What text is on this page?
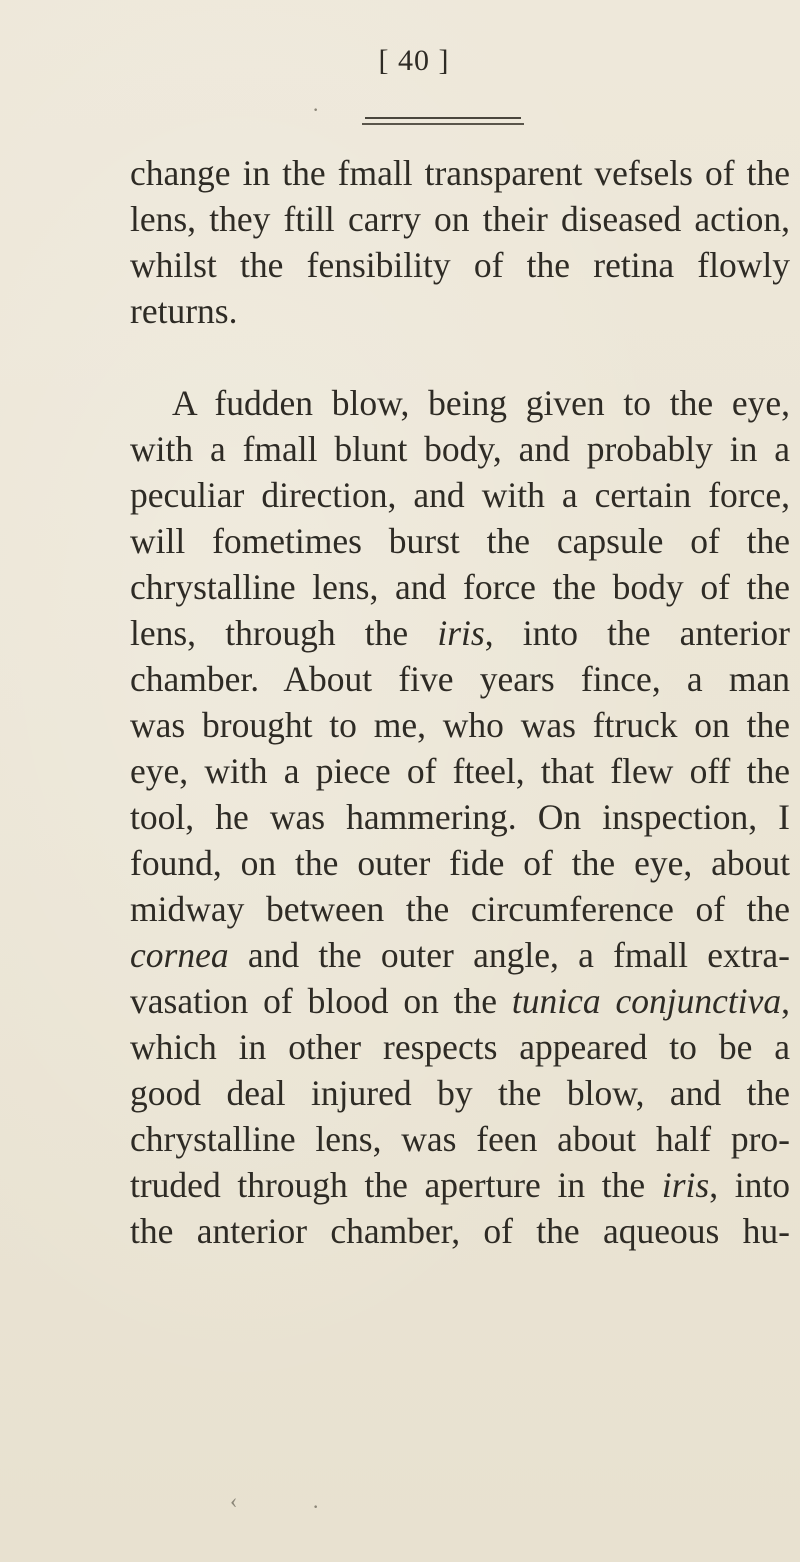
[ 40 ]
change in the fmall transparent vefsels of the
lens, they ftill carry on their diseased action,
whilst the fensibility of the retina flowly
returns.
A fudden blow, being given to the eye,
with a fmall blunt body, and probably in a
peculiar direction, and with a certain force,
will fometimes burst the capsule of the
chrystalline lens, and force the body of the
lens, through the iris, into the anterior
chamber. About five years fince, a man
was brought to me, who was ftruck on the
eye, with a piece of fteel, that flew off the
tool, he was hammering. On inspection, I
found, on the outer fide of the eye, about
midway between the circumference of the
cornea and the outer angle, a fmall extra-
vasation of blood on the tunica conjunctiva,
which in other respects appeared to be a
good deal injured by the blow, and the
chrystalline lens, was feen about half pro-
truded through the aperture in the iris, into
the anterior chamber, of the aqueous hu-
·
‹	·
